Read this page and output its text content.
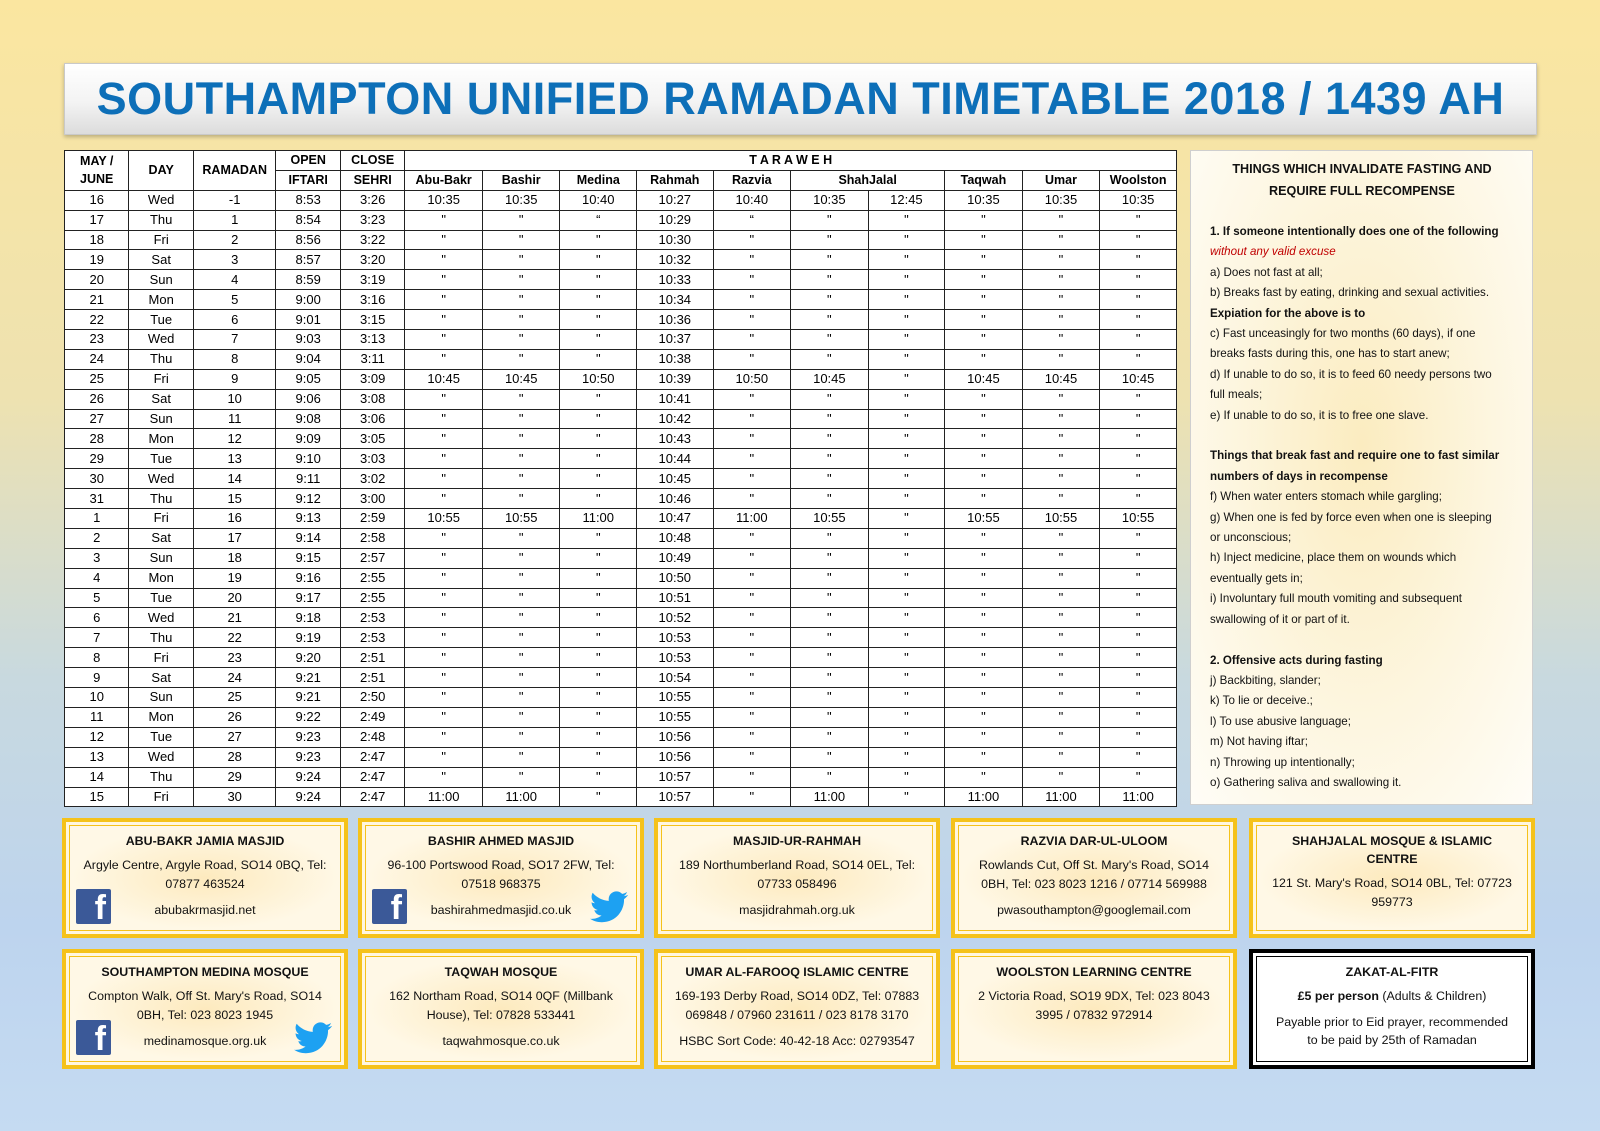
SOUTHAMPTON UNIFIED RAMADAN TIMETABLE 2018 / 1439 AH
MAY /
JUNE	DAY	RAMADAN	OPEN	CLOSE	T A R A W E H									
			IFTARI	SEHRI	Abu-Bakr	Bashir	Medina	Rahmah	Razvia	ShahJalal		Taqwah	Umar	Woolston
16	Wed	-1	8:53	3:26	10:35	10:35	10:40	10:27	10:40	10:35	12:45	10:35	10:35	10:35
17	Thu	1	8:54	3:23	"	"	“	10:29	“	"	"	"	"	"
18	Fri	2	8:56	3:22	"	"	"	10:30	"	"	"	"	"	"
19	Sat	3	8:57	3:20	"	"	"	10:32	"	"	"	"	"	"
20	Sun	4	8:59	3:19	"	"	"	10:33	"	"	"	"	"	"
21	Mon	5	9:00	3:16	"	"	"	10:34	"	"	"	"	"	"
22	Tue	6	9:01	3:15	"	"	"	10:36	"	"	"	"	"	"
23	Wed	7	9:03	3:13	"	"	"	10:37	"	"	"	"	"	"
24	Thu	8	9:04	3:11	"	"	"	10:38	"	"	"	"	"	"
25	Fri	9	9:05	3:09	10:45	10:45	10:50	10:39	10:50	10:45	"	10:45	10:45	10:45
26	Sat	10	9:06	3:08	"	"	"	10:41	"	"	"	"	"	"
27	Sun	11	9:08	3:06	"	"	"	10:42	"	"	"	"	"	"
28	Mon	12	9:09	3:05	"	"	"	10:43	"	"	"	"	"	"
29	Tue	13	9:10	3:03	"	"	"	10:44	"	"	"	"	"	"
30	Wed	14	9:11	3:02	"	"	"	10:45	"	"	"	"	"	"
31	Thu	15	9:12	3:00	"	"	"	10:46	"	"	"	"	"	"
1	Fri	16	9:13	2:59	10:55	10:55	11:00	10:47	11:00	10:55	"	10:55	10:55	10:55
2	Sat	17	9:14	2:58	"	"	"	10:48	"	"	"	"	"	"
3	Sun	18	9:15	2:57	"	"	"	10:49	"	"	"	"	"	"
4	Mon	19	9:16	2:55	"	"	"	10:50	"	"	"	"	"	"
5	Tue	20	9:17	2:55	"	"	"	10:51	"	"	"	"	"	"
6	Wed	21	9:18	2:53	"	"	"	10:52	"	"	"	"	"	"
7	Thu	22	9:19	2:53	"	"	"	10:53	"	"	"	"	"	"
8	Fri	23	9:20	2:51	"	"	"	10:53	"	"	"	"	"	"
9	Sat	24	9:21	2:51	"	"	"	10:54	"	"	"	"	"	"
10	Sun	25	9:21	2:50	"	"	"	10:55	"	"	"	"	"	"
11	Mon	26	9:22	2:49	"	"	"	10:55	"	"	"	"	"	"
12	Tue	27	9:23	2:48	"	"	"	10:56	"	"	"	"	"	"
13	Wed	28	9:23	2:47	"	"	"	10:56	"	"	"	"	"	"
14	Thu	29	9:24	2:47	"	"	"	10:57	"	"	"	"	"	"
15	Fri	30	9:24	2:47	11:00	11:00	"	10:57	"	11:00	"	11:00	11:00	11:00
THINGS WHICH INVALIDATE FASTING AND
REQUIRE FULL RECOMPENSE
1. If someone intentionally does one of the following
without any valid excuse
a) Does not fast at all;
b) Breaks fast by eating, drinking and sexual activities.
Expiation for the above is to
c) Fast unceasingly for two months (60 days), if one
breaks fasts during this, one has to start anew;
d) If unable to do so, it is to feed 60 needy persons two
full meals;
e) If unable to do so, it is to free one slave.
Things that break fast and require one to fast similar
numbers of days in recompense
f) When water enters stomach while gargling;
g) When one is fed by force even when one is sleeping
or unconscious;
h) Inject medicine, place them on wounds which
eventually gets in;
i) Involuntary full mouth vomiting and subsequent
swallowing of it or part of it.
2. Offensive acts during fasting
j) Backbiting, slander;
k) To lie or deceive.;
l) To use abusive language;
m) Not having iftar;
n) Throwing up intentionally;
o) Gathering saliva and swallowing it.
ABU-BAKR JAMIA MASJID
Argyle Centre, Argyle Road, SO14 0BQ, Tel:
07877 463524
abubakrmasjid.net
f
BASHIR AHMED MASJID
96-100 Portswood Road, SO17 2FW, Tel:
07518 968375
bashirahmedmasjid.co.uk
f
MASJID-UR-RAHMAH
189 Northumberland Road, SO14 0EL, Tel:
07733 058496
masjidrahmah.org.uk
RAZVIA DAR-UL-ULOOM
Rowlands Cut, Off St. Mary's Road, SO14
0BH, Tel: 023 8023 1216 / 07714 569988
pwasouthampton@googlemail.com
SHAHJALAL MOSQUE & ISLAMIC CENTRE
121 St. Mary's Road, SO14 0BL, Tel: 07723
959773
SOUTHAMPTON MEDINA MOSQUE
Compton Walk, Off St. Mary's Road, SO14
0BH, Tel: 023 8023 1945
medinamosque.org.uk
f
TAQWAH MOSQUE
162 Northam Road, SO14 0QF (Millbank
House), Tel: 07828 533441
taqwahmosque.co.uk
UMAR AL-FAROOQ ISLAMIC CENTRE
169-193 Derby Road, SO14 0DZ, Tel: 07883
069848 / 07960 231611 / 023 8178 3170
HSBC Sort Code: 40-42-18 Acc: 02793547
WOOLSTON LEARNING CENTRE
2 Victoria Road, SO19 9DX, Tel: 023 8043
3995 / 07832 972914
ZAKAT-AL-FITR
£5 per person (Adults & Children)
Payable prior to Eid prayer, recommended
to be paid by 25th of Ramadan
